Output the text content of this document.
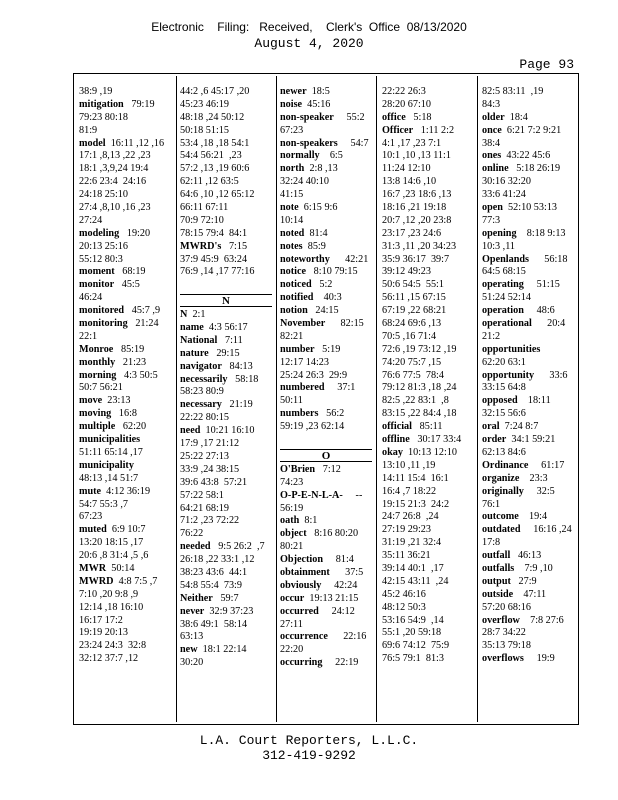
Electronic    Filing:   Received,    Clerk's  Office  08/13/2020
August 4, 2020
Page 93
38:9 ,19
mitigation   79:19
79:23 80:18
81:9
model  16:11 ,12 ,16
17:1 ,8,13 ,22 ,23
18:1 ,3,9,24 19:4
22:6 23:4  24:16
24:18 25:10
27:4 ,8,10 ,16 ,23
27:24
modeling   19:20
20:13 25:16
55:12 80:3
moment   68:19
monitor   45:5
46:24
monitored   45:7 ,9
monitoring   21:24
22:1
Monroe   85:19
monthly   21:23
morning   4:3 50:5
50:7 56:21
move  23:13
moving   16:8
multiple   62:20
municipalities
51:11 65:14 ,17
municipality
48:13 ,14 51:7
mute  4:12 36:19
54:7 55:3 ,7
67:23
muted  6:9 10:7
13:20 18:15 ,17
20:6 ,8 31:4 ,5 ,6
MWR  50:14
MWRD  4:8 7:5 ,7
7:10 ,20 9:8 ,9
12:14 ,18 16:10
16:17 17:2
19:19 20:13
23:24 24:3  32:8
32:12 37:7 ,12
44:2 ,6 45:17 ,20
45:23 46:19
48:18 ,24 50:12
50:18 51:15
53:4 ,18 ,18 54:1
54:4 56:21  ,23
57:2 ,13 ,19 60:6
62:11 ,12 63:5
64:6 ,10 ,12 65:12
66:11 67:11
70:9 72:10
78:15 79:4  84:1
MWRD's   7:15
37:9 45:9  63:24
76:9 ,14 ,17 77:16
N
N  2:1
name  4:3 56:17
National   7:11
nature   29:15
navigator   84:13
necessarily   58:18
58:23 80:9
necessary   21:19
22:22 80:15
need  10:21 16:10
17:9 ,17 21:12
25:22 27:13
33:9 ,24 38:15
39:6 43:8  57:21
57:22 58:1
64:21 68:19
71:2 ,23 72:22
76:22
needed   9:5 26:2  ,7
26:18 ,22 33:1 ,12
38:23 43:6  44:1
54:8 55:4  73:9
Neither   59:7
never  32:9 37:23
38:6 49:1  58:14
63:13
new  18:1 22:14
30:20
newer  18:5
noise  45:16
non-speaker     55:2
67:23
non-speakers     54:7
normally    6:5
north  2:8 ,13
32:24 40:10
41:15
note  6:15 9:6
10:14
noted  81:4
notes  85:9
noteworthy      42:21
notice   8:10 79:15
noticed   5:2
notified    40:3
notion   24:15
November      82:15
82:21
number   5:19
12:17 14:23
25:24 26:3  29:9
numbered     37:1
50:11
numbers   56:2
59:19 ,23 62:14
O
O'Brien   7:12
74:23
O-P-E-N-L-A-     --
56:19
oath  8:1
object   8:16 80:20
80:21
Objection     81:4
obtainment      37:5
obviously     42:24
occur  19:13 21:15
occurred     24:12
27:11
occurrence      22:16
22:20
occurring     22:19
22:22 26:3
28:20 67:10
office   5:18
Officer   1:11 2:2
4:1 ,17 ,23 7:1
10:1 ,10 ,13 11:1
11:24 12:10
13:8 14:6 ,10
16:7 ,23 18:6 ,13
18:16 ,21 19:18
20:7 ,12 ,20 23:8
23:17 ,23 24:6
31:3 ,11 ,20 34:23
35:9 36:17  39:7
39:12 49:23
50:6 54:5  55:1
56:11 ,15 67:15
67:19 ,22 68:21
68:24 69:6 ,13
70:5 ,16 71:4
72:6 ,19 73:12 ,19
74:20 75:7 ,15
76:6 77:5  78:4
79:12 81:3 ,18 ,24
82:5 ,22 83:1  ,8
83:15 ,22 84:4 ,18
official   85:11
offline   30:17 33:4
okay  10:13 12:10
13:10 ,11 ,19
14:11 15:4  16:1
16:4 ,7 18:22
19:15 21:3  24:2
24:7 26:8  ,24
27:19 29:23
31:19 ,21 32:4
35:11 36:21
39:14 40:1  ,17
42:15 43:11  ,24
45:2 46:16
48:12 50:3
53:16 54:9  ,14
55:1 ,20 59:18
69:6 74:12  75:9
76:5 79:1  81:3
82:5 83:11  ,19
84:3
older  18:4
once  6:21 7:2 9:21
38:4
ones  43:22 45:6
online   5:18 26:19
30:16 32:20
33:6 41:24
open  52:10 53:13
77:3
opening    8:18 9:13
10:3 ,11
Openlands      56:18
64:5 68:15
operating     51:15
51:24 52:14
operation     48:6
operational      20:4
21:2
opportunities
62:20 63:1
opportunity      33:6
33:15 64:8
opposed    18:11
32:15 56:6
oral  7:24 8:7
order  34:1 59:21
62:13 84:6
Ordinance     61:17
organize    23:3
originally     32:5
76:1
outcome    19:4
outdated     16:16 ,24
17:8
outfall   46:13
outfalls    7:9 ,10
output   27:9
outside    47:11
57:20 68:16
overflow    7:8 27:6
28:7 34:22
35:13 79:18
overflows     19:9
L.A. Court Reporters, L.L.C.
312-419-9292
